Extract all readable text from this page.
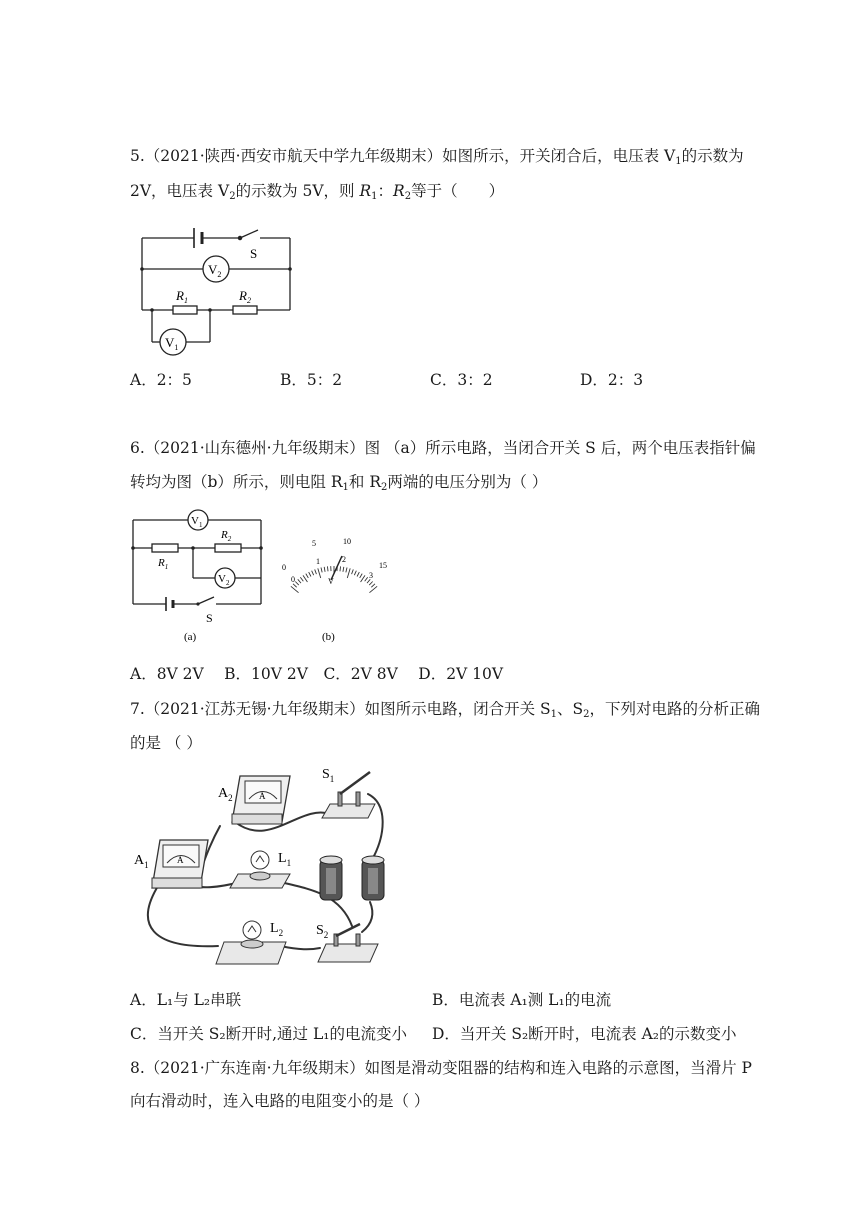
5.（2021·陕西·西安市航天中学九年级期末）如图所示，开关闭合后，电压表 $V_1$的示数为
2V，电压表 $V_2$的示数为 5V，则 $R_1$：$R_2$等于（　　）
S
$V_2$
$R_1$	$R_2$
$V_1$
A．2：5	B．5：2	C．3：2	D．2：3
6.（2021·山东德州·九年级期末）图 （a）所示电路，当闭合开关 S 后，两个电压表指针偏
转均为图（b）所示，则电阻 $R_1$和 $R_2$两端的电压分别为（ ）
$V_1$
$R_2$
$R_1$
$V_2$
S
(a)
0
5	10
15
0
1	2
3
V
(b)
A．8V 2V　 B．10V 2V　C．2V 8V　 D．2V 10V
7.（2021·江苏无锡·九年级期末）如图所示电路，闭合开关 $S_1$、$S_2$，下列对电路的分析正确
的是 （ ）
A
$A_2$
$S_1$
A
$A_1$	$L_1$
$L_2$ $S_2$
A．L₁与 L₂串联	B．电流表 A₁测 L₁的电流
C．当开关 S₂断开时,通过 L₁的电流变小 D．当开关 S₂断开时，电流表 A₂的示数变小
8.（2021·广东连南·九年级期末）如图是滑动变阻器的结构和连入电路的示意图，当滑片 P
向右滑动时，连入电路的电阻变小的是（ ）
